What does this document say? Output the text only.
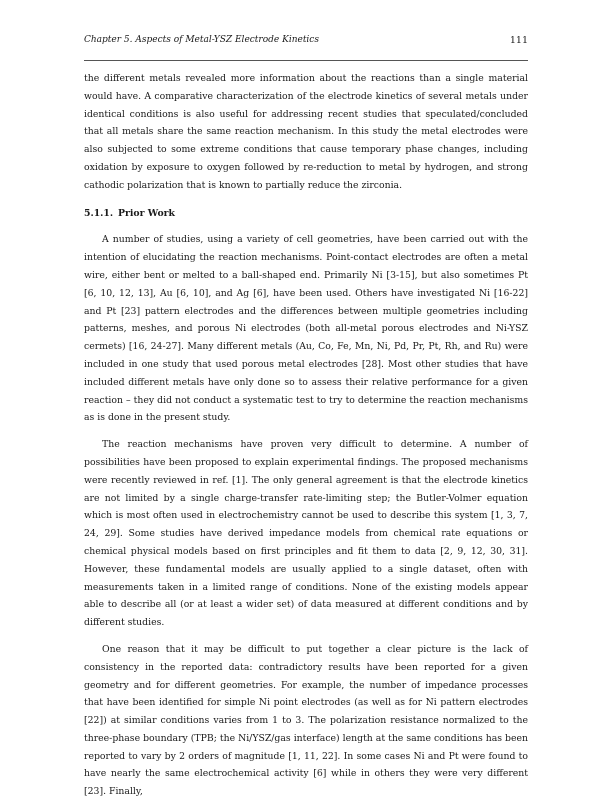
Chapter 5. Aspects of Metal-YSZ Electrode Kinetics	111

the different metals revealed more information about the reactions than a single material would have. A comparative characterization of the electrode kinetics of several metals under identical conditions is also useful for addressing recent studies that speculated/concluded that all metals share the same reaction mechanism. In this study the metal electrodes were also subjected to some extreme conditions that cause temporary phase changes, including oxidation by exposure to oxygen followed by re-reduction to metal by hydrogen, and strong cathodic polarization that is known to partially reduce the zirconia.

5.1.1. Prior Work

A number of studies, using a variety of cell geometries, have been carried out with the intention of elucidating the reaction mechanisms. Point-contact electrodes are often a metal wire, either bent or melted to a ball-shaped end. Primarily Ni [3-15], but also sometimes Pt [6, 10, 12, 13], Au [6, 10], and Ag [6], have been used. Others have investigated Ni [16-22] and Pt [23] pattern electrodes and the differences between multiple geometries including patterns, meshes, and porous Ni electrodes (both all-metal porous electrodes and Ni-YSZ cermets) [16, 24-27]. Many different metals (Au, Co, Fe, Mn, Ni, Pd, Pr, Pt, Rh, and Ru) were included in one study that used porous metal electrodes [28]. Most other studies that have included different metals have only done so to assess their relative performance for a given reaction – they did not conduct a systematic test to try to determine the reaction mechanisms as is done in the present study.

The reaction mechanisms have proven very difficult to determine. A number of possibilities have been proposed to explain experimental findings. The proposed mechanisms were recently reviewed in ref. [1]. The only general agreement is that the electrode kinetics are not limited by a single charge-transfer rate-limiting step; the Butler-Volmer equation which is most often used in electrochemistry cannot be used to describe this system [1, 3, 7, 24, 29]. Some studies have derived impedance models from chemical rate equations or chemical physical models based on first principles and fit them to data [2, 9, 12, 30, 31]. However, these fundamental models are usually applied to a single dataset, often with measurements taken in a limited range of conditions. None of the existing models appear able to describe all (or at least a wider set) of data measured at different conditions and by different studies.

One reason that it may be difficult to put together a clear picture is the lack of consistency in the reported data: contradictory results have been reported for a given geometry and for different geometries. For example, the number of impedance processes that have been identified for simple Ni point electrodes (as well as for Ni pattern electrodes [22]) at similar conditions varies from 1 to 3. The polarization resistance normalized to the three-phase boundary (TPB; the Ni/YSZ/gas interface) length at the same conditions has been reported to vary by 2 orders of magnitude [1, 11, 22]. In some cases Ni and Pt were found to have nearly the same electrochemical activity [6] while in others they were very different [23]. Finally,
